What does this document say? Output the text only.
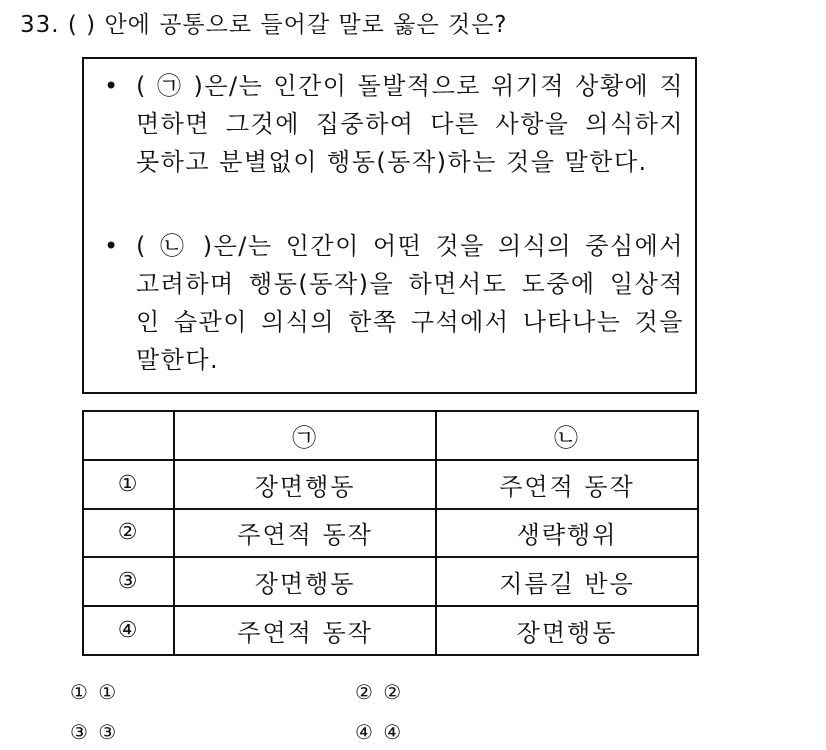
33. ( ) 안에 공통으로 들어갈 말로 옳은 것은?
• ( ㉠ )은/는 인간이 돌발적으로 위기적 상황에 직면하면 그것에 집중하여 다른 사항을 의식하지 못하고 분별없이 행동(동작)하는 것을 말한다.
• ( ㉡ )은/는 인간이 어떤 것을 의식의 중심에서 고려하며 행동(동작)을 하면서도 도중에 일상적인 습관이 의식의 한쪽 구석에서 나타나는 것을 말한다.
	㉠	㉡
①	장면행동	주연적 동작
②	주연적 동작	생략행위
③	장면행동	지름길 반응
④	주연적 동작	장면행동
① ①	② ②
③ ③	④ ④
